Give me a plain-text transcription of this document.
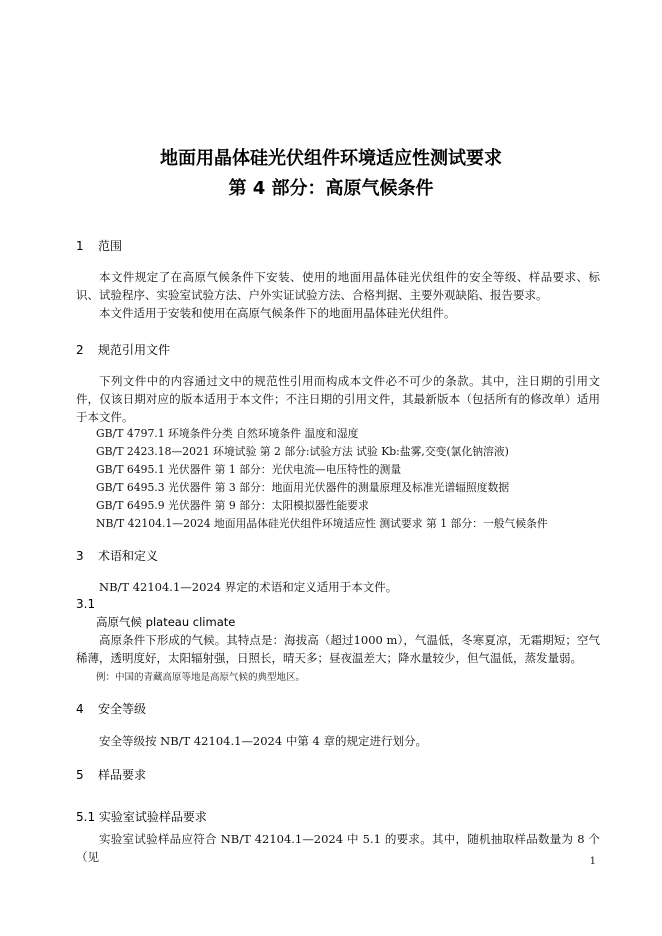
地面用晶体硅光伏组件环境适应性测试要求
第 4 部分：高原气候条件
1 范围
本文件规定了在高原气候条件下安装、使用的地面用晶体硅光伏组件的安全等级、样品要求、标识、试验程序、实验室试验方法、户外实证试验方法、合格判据、主要外观缺陷、报告要求。
本文件适用于安装和使用在高原气候条件下的地面用晶体硅光伏组件。
2 规范引用文件
下列文件中的内容通过文中的规范性引用而构成本文件必不可少的条款。其中，注日期的引用文件，仅该日期对应的版本适用于本文件；不注日期的引用文件，其最新版本（包括所有的修改单）适用于本文件。
GB/T 4797.1 环境条件分类 自然环境条件 温度和湿度
GB/T 2423.18—2021 环境试验 第 2 部分:试验方法 试验 Kb:盐雾,交变(氯化钠溶液)
GB/T 6495.1 光伏器件 第 1 部分：光伏电流—电压特性的测量
GB/T 6495.3 光伏器件 第 3 部分：地面用光伏器件的测量原理及标准光谱辐照度数据
GB/T 6495.9 光伏器件 第 9 部分：太阳模拟器性能要求
NB/T 42104.1—2024 地面用晶体硅光伏组件环境适应性 测试要求 第 1 部分：一般气候条件
3 术语和定义
NB/T 42104.1—2024 界定的术语和定义适用于本文件。
3.1
高原气候 plateau climate
高原条件下形成的气候。其特点是：海拔高（超过1000 m），气温低，冬寒夏凉，无霜期短；空气稀薄，透明度好，太阳辐射强，日照长，晴天多；昼夜温差大；降水量较少，但气温低，蒸发量弱。
例：中国的青藏高原等地是高原气候的典型地区。
4 安全等级
安全等级按 NB/T 42104.1—2024 中第 4 章的规定进行划分。
5 样品要求
5.1 实验室试验样品要求
实验室试验样品应符合 NB/T 42104.1—2024 中 5.1 的要求。其中，随机抽取样品数量为 8 个（见	1
